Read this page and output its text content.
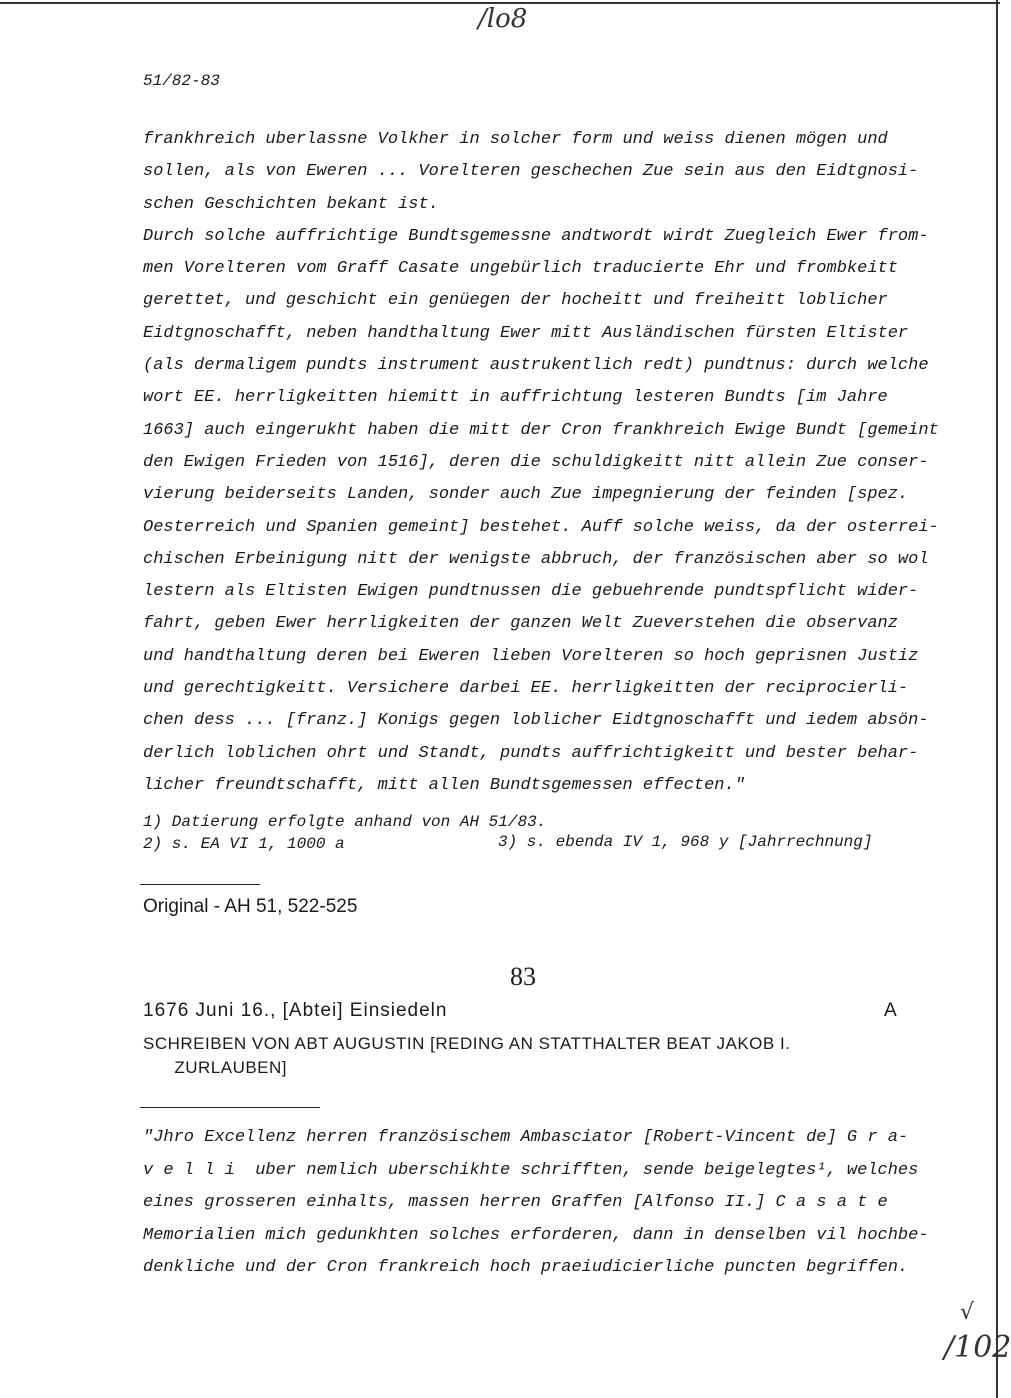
/lo8
51/82-83

frankhreich uberlassne Volkher in solcher form und weiss dienen mögen und
sollen, als von Eweren ... Vorelteren geschechen Zue sein aus den Eidtgnosi-
schen Geschichten bekant ist.
Durch solche auffrichtige Bundtsgemessne andtwordt wirdt Zuegleich Ewer from-
men Vorelteren vom Graff Casate ungebürlich traducierte Ehr und frombkeitt
gerettet, und geschicht ein genüegen der hocheitt und freiheitt loblicher
Eidtgnoschafft, neben handthaltung Ewer mitt Ausländischen fürsten Eltister
(als dermaligem pundts instrument austrukentlich redt) pundtnus: durch welche
wort EE. herrligkeitten hiemitt in auffrichtung lesteren Bundts [im Jahre
1663] auch eingerukht haben die mitt der Cron frankhreich Ewige Bundt [gemeint
den Ewigen Frieden von 1516], deren die schuldigkeitt nitt allein Zue conser-
vierung beiderseits Landen, sonder auch Zue impegnierung der feinden [spez.
Oesterreich und Spanien gemeint] bestehet. Auff solche weiss, da der osterrei-
chischen Erbeinigung nitt der wenigste abbruch, der französischen aber so wol
lestern als Eltisten Ewigen pundtnussen die gebuehrende pundtspflicht wider-
fahrt, geben Ewer herrligkeiten der ganzen Welt Zueverstehen die observanz
und handthaltung deren bei Eweren lieben Vorelteren so hoch geprisnen Justiz
und gerechtigkeitt. Versichere darbei EE. herrligkeitten der reciprocierli-
chen dess ... [franz.] Konigs gegen loblicher Eidtgnoschafft und iedem absön-
derlich loblichen ohrt und Standt, pundts auffrichtigkeitt und bester behar-
licher freundtschafft, mitt allen Bundtsgemessen effecten."

1) Datierung erfolgte anhand von AH 51/83.
2) s. EA VI 1, 1000 a	3) s. ebenda IV 1, 968 y [Jahrrechnung]
Original - AH 51, 522-525
83
1676 Juni 16., [Abtei] Einsiedeln	A

SCHREIBEN VON ABT AUGUSTIN [REDING AN STATTHALTER BEAT JAKOB I.
ZURLAUBEN]

"Jhro Excellenz herren französischem Ambasciator [Robert-Vincent de] G r a-
v e l l i  uber nemlich uberschikhte schrifften, sende beigelegtes¹, welches
eines grosseren einhalts, massen herren Graffen [Alfonso II.] C a s a t e
Memorialien mich gedunkhten solches erforderen, dann in denselben vil hochbe-
denkliche und der Cron frankreich hoch praeiudicierliche puncten begriffen.

√
/102
